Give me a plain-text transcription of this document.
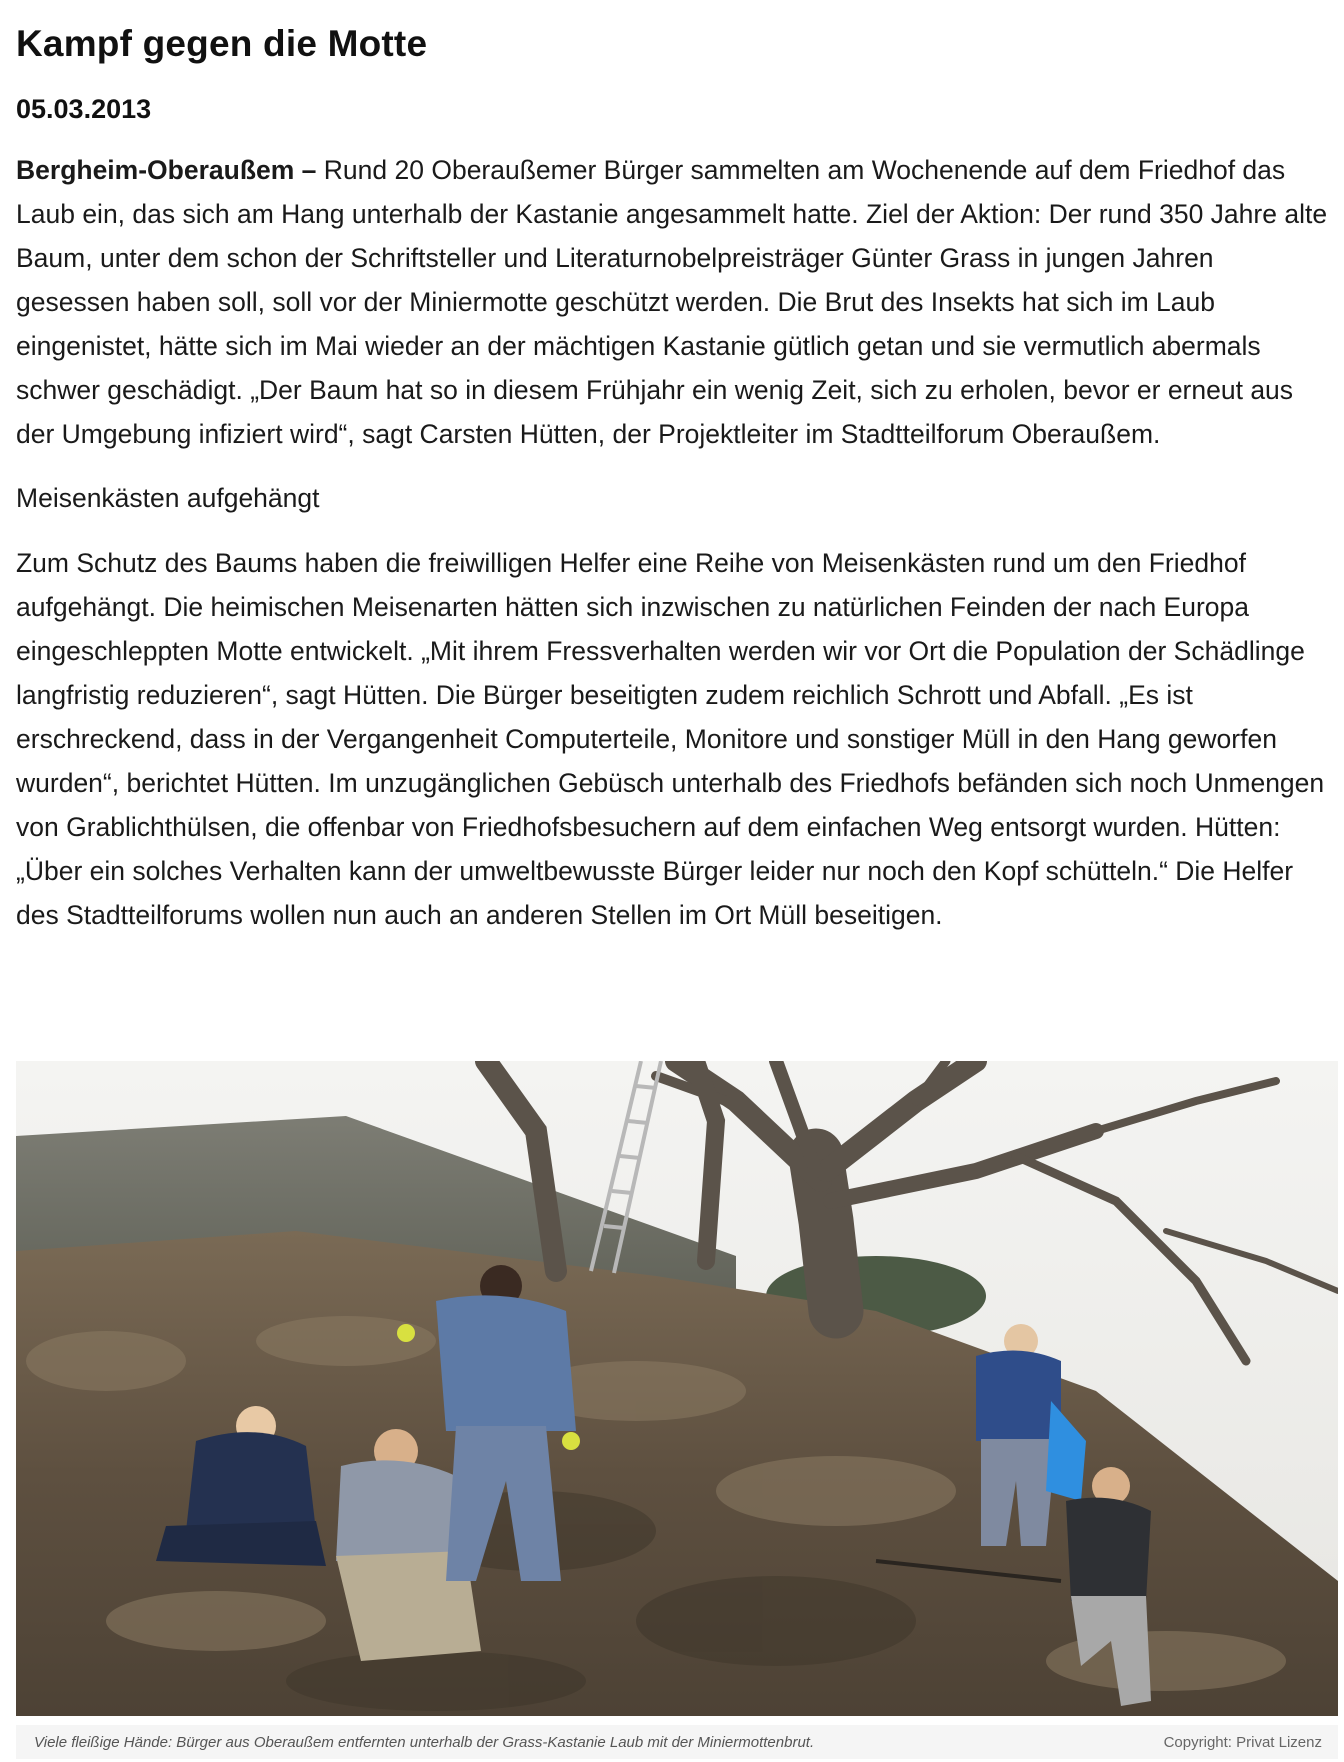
Kampf gegen die Motte
05.03.2013

Bergheim-Oberaußem – Rund 20 Oberaußemer Bürger sammelten am Wochenende auf dem Friedhof das Laub ein, das sich am Hang unterhalb der Kastanie angesammelt hatte. Ziel der Aktion: Der rund 350 Jahre alte Baum, unter dem schon der Schriftsteller und Literaturnobelpreisträger Günter Grass in jungen Jahren gesessen haben soll, soll vor der Miniermotte geschützt werden. Die Brut des Insekts hat sich im Laub eingenistet, hätte sich im Mai wieder an der mächtigen Kastanie gütlich getan und sie vermutlich abermals schwer geschädigt. „Der Baum hat so in diesem Frühjahr ein wenig Zeit, sich zu erholen, bevor er erneut aus der Umgebung infiziert wird“, sagt Carsten Hütten, der Projektleiter im Stadtteilforum Oberaußem.

Meisenkästen aufgehängt

Zum Schutz des Baums haben die freiwilligen Helfer eine Reihe von Meisenkästen rund um den Friedhof aufgehängt. Die heimischen Meisenarten hätten sich inzwischen zu natürlichen Feinden der nach Europa eingeschleppten Motte entwickelt. „Mit ihrem Fressverhalten werden wir vor Ort die Population der Schädlinge langfristig reduzieren“, sagt Hütten. Die Bürger beseitigten zudem reichlich Schrott und Abfall. „Es ist erschreckend, dass in der Vergangenheit Computerteile, Monitore und sonstiger Müll in den Hang geworfen wurden“, berichtet Hütten. Im unzugänglichen Gebüsch unterhalb des Friedhofs befänden sich noch Unmengen von Grablichthülsen, die offenbar von Friedhofsbesuchern auf dem einfachen Weg entsorgt wurden. Hütten: „Über ein solches Verhalten kann der umweltbewusste Bürger leider nur noch den Kopf schütteln.“ Die Helfer des Stadtteilforums wollen nun auch an anderen Stellen im Ort Müll beseitigen.

Viele fleißige Hände: Bürger aus Oberaußem entfernten unterhalb der Grass-Kastanie Laub mit der Miniermottenbrut.	Copyright: Privat Lizenz
